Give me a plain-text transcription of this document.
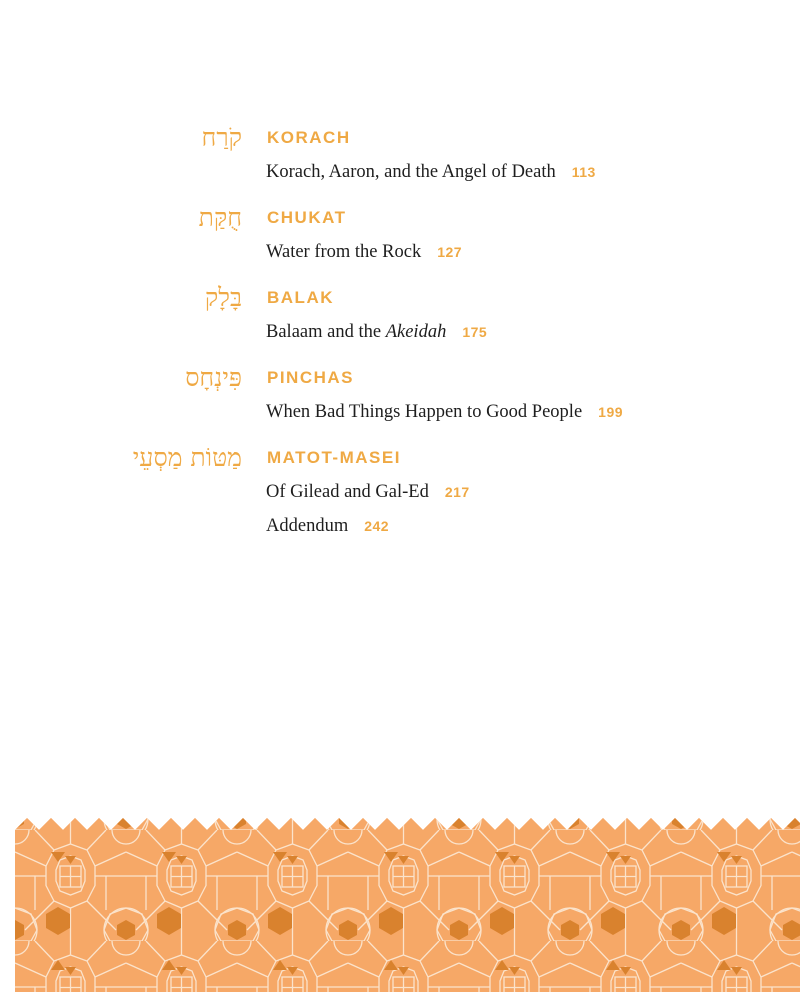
קֹרַח KORACH
Korach, Aaron, and the Angel of Death 113
חֻקַּת CHUKAT
Water from the Rock 127
בָּלָק BALAK
Balaam and the Akeidah 175
פִּינְחָס PINCHAS
When Bad Things Happen to Good People 199
מַטּוֹת מַסְעֵי MATOT-MASEI
Of Gilead and Gal-Ed 217
Addendum 242
